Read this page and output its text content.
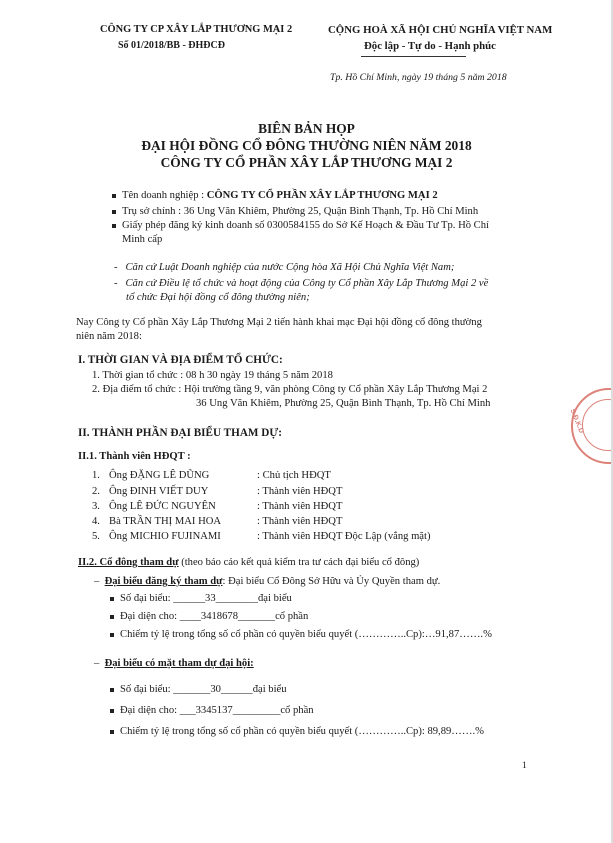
CÔNG TY CP XÂY LẮP THƯƠNG MẠI 2
Số 01/2018/BB - ĐHĐCĐ
CỘNG HOÀ XÃ HỘI CHỦ NGHĨA VIỆT NAM
Độc lập - Tự do - Hạnh phúc
Tp. Hồ Chí Minh, ngày 19 tháng 5 năm 2018
BIÊN BẢN HỌP
ĐẠI HỘI ĐỒNG CỔ ĐÔNG THƯỜNG NIÊN NĂM 2018
CÔNG TY CỔ PHẦN XÂY LẮP THƯƠNG MẠI 2
Tên doanh nghiệp : CÔNG TY CỔ PHẦN XÂY LẮP THƯƠNG MẠI 2
Trụ sở chính : 36 Ung Văn Khiêm, Phường 25, Quận Bình Thạnh, Tp. Hồ Chí Minh
Giấy phép đăng ký kinh doanh số 0300584155 do Sở Kế Hoạch & Đầu Tư Tp. Hồ Chí
Minh cấp
-   Căn cứ Luật Doanh nghiệp của nước Cộng hòa Xã Hội Chủ Nghĩa Việt Nam;
-   Căn cứ Điều lệ tổ chức và hoạt động của Công ty Cổ phần Xây Lắp Thương Mại 2 về
tổ chức Đại hội đồng cổ đông thường niên;
Nay Công ty Cổ phần Xây Lắp Thương Mại 2 tiến hành khai mạc Đại hội đồng cổ đông thường
niên năm 2018:
I. THỜI GIAN VÀ ĐỊA ĐIỂM TỔ CHỨC:
1. Thời gian tổ chức : 08 h 30 ngày 19 tháng 5 năm 2018
2. Địa điểm tổ chức : Hội trường tầng 9, văn phòng Công ty Cổ phần Xây Lắp Thương Mại 2
36 Ung Văn Khiêm, Phường 25, Quận Bình Thạnh, Tp. Hồ Chí Minh
II. THÀNH PHẦN ĐẠI BIỂU THAM DỰ:
II.1. Thành viên HĐQT :
1. Ông ĐẶNG LÊ DŨNG	: Chủ tịch HĐQT
2. Ông ĐINH VIẾT DUY	: Thành viên HĐQT
3. Ông LÊ ĐỨC NGUYÊN	: Thành viên HĐQT
4. Bà TRẦN THỊ MAI HOA	: Thành viên HĐQT
5. Ông MICHIO FUJINAMI	: Thành viên HĐQT Độc Lập (vắng mặt)
II.2. Cổ đông tham dự (theo báo cáo kết quả kiểm tra tư cách đại biểu cổ đông)
–  Đại biểu đăng ký tham dự: Đại biểu Cổ Đông Sở Hữu và Ủy Quyền tham dự.
Số đại biểu: ______33________đại biểu
Đại diện cho: ____3418678_______cổ phần
Chiếm tỷ lệ trong tổng số cổ phần có quyền biểu quyết (…………..Cp):…91,87…….%
–  Đại biểu có mặt tham dự đại hội:
Số đại biểu: _______30______đại biểu
Đại diện cho: ___3345137_________cổ phần
Chiếm tỷ lệ trong tổng số cổ phần có quyền biểu quyết (…………..Cp): 89,89…….%
1
S.Đ.K.D
